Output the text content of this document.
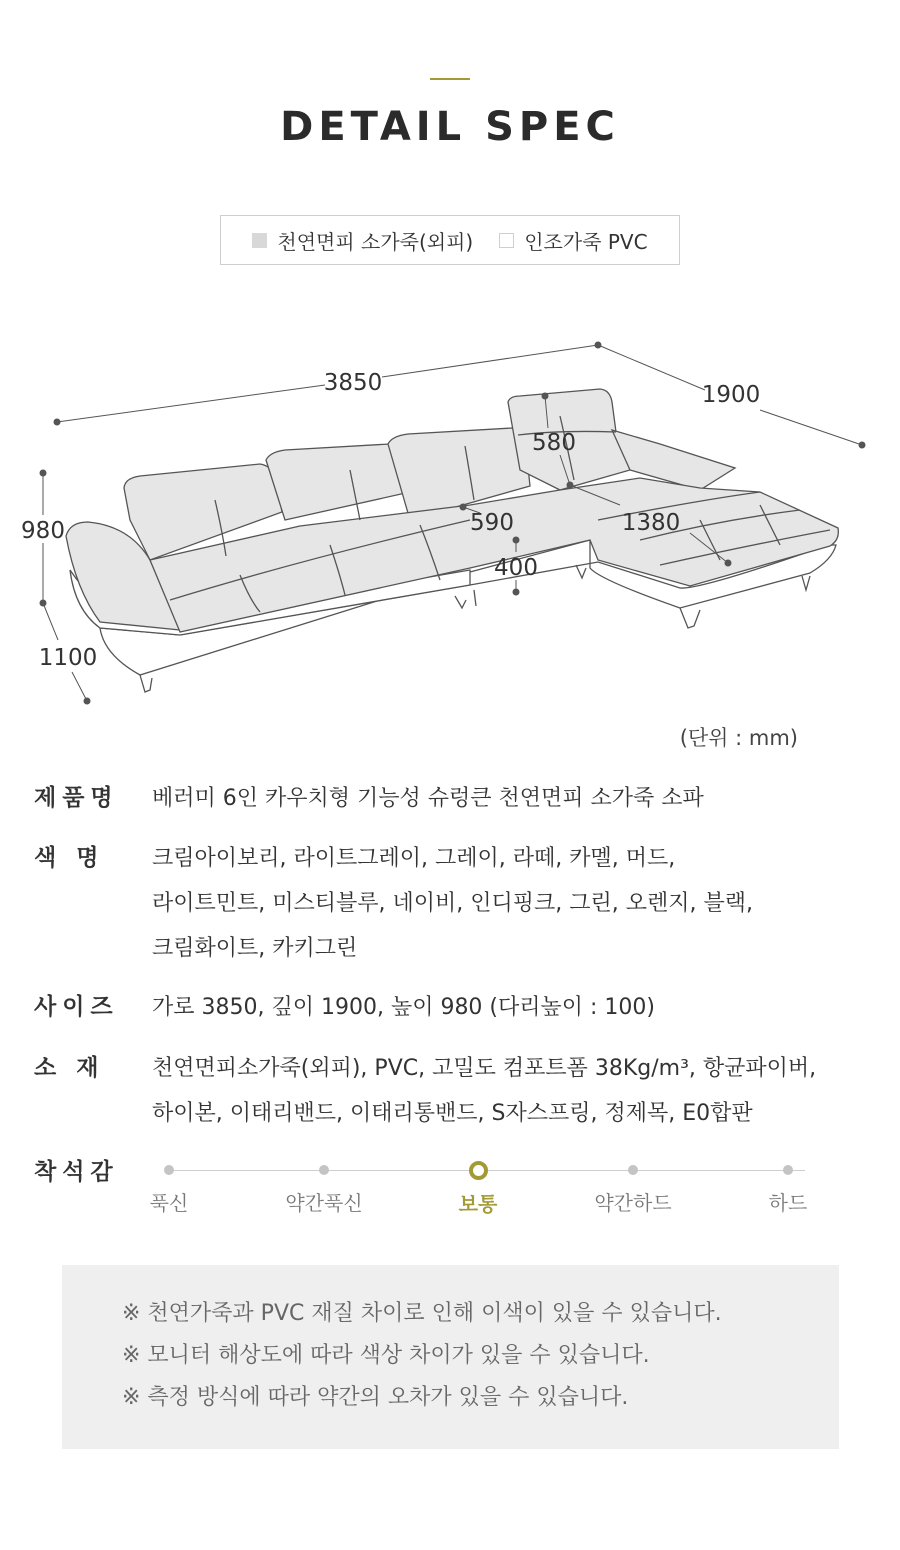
DETAIL SPEC
천연면피 소가죽(외피)	인조가죽 PVC
3850	1900
980
1100
580
590	1380
400
(단위 : mm)
제품명	베러미 6인 카우치형 기능성 슈렁큰 천연면피 소가죽 소파
색 명	크림아이보리, 라이트그레이, 그레이, 라떼, 카멜, 머드,
라이트민트, 미스티블루, 네이비, 인디핑크, 그린, 오렌지, 블랙,
크림화이트, 카키그린
사이즈	가로 3850, 깊이 1900, 높이 980 (다리높이 : 100)
소 재	천연면피소가죽(외피), PVC, 고밀도 컴포트폼 38Kg/m³, 항균파이버,
하이본, 이태리밴드, 이태리통밴드, S자스프링, 정제목, E0합판
착석감
푹신	약간푹신	보통	약간하드	하드

※ 천연가죽과 PVC 재질 차이로 인해 이색이 있을 수 있습니다.

※ 모니터 해상도에 따라 색상 차이가 있을 수 있습니다.

※ 측정 방식에 따라 약간의 오차가 있을 수 있습니다.
